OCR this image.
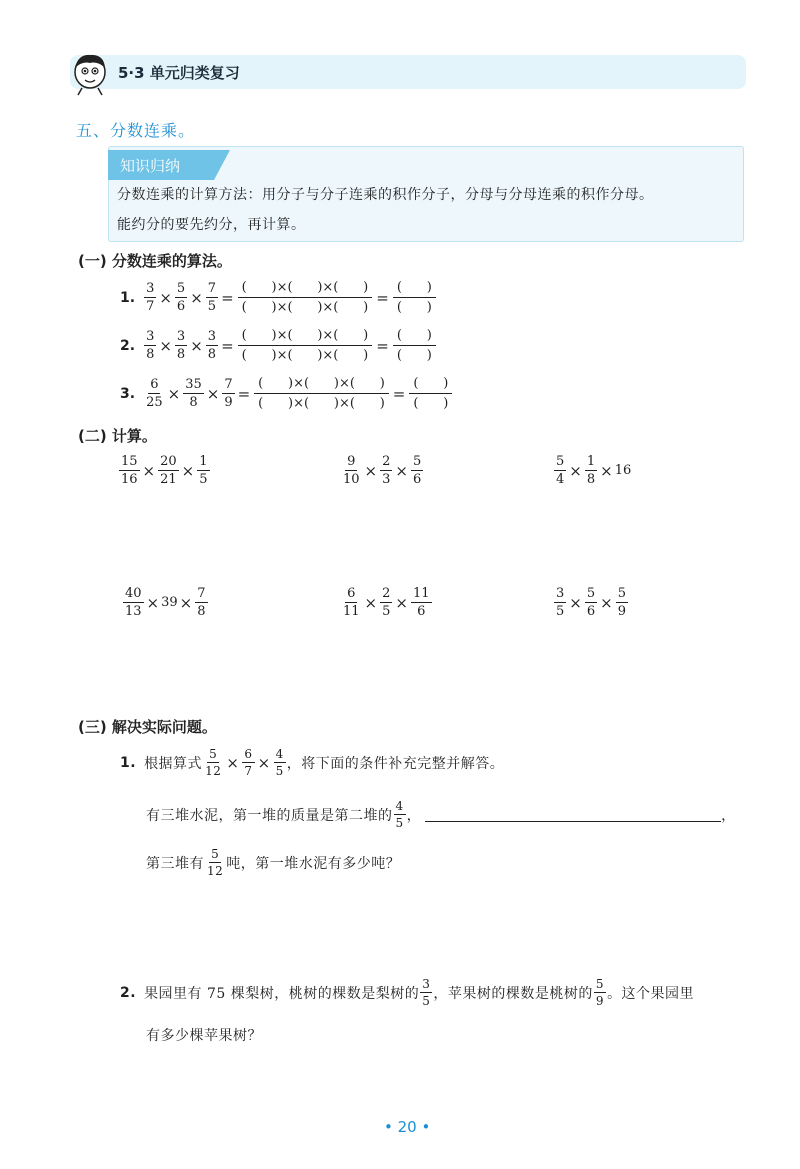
5·3 单元归类复习
五、分数连乘。
知识归纳
分数连乘的计算方法：用分子与分子连乘的积作分子，分母与分母连乘的积作分母。
能约分的要先约分，再计算。
(一) 分数连乘的算法。
1. $\frac{3}{7} \times \frac{5}{6} \times \frac{7}{5} = \frac{( )\times( )\times( )}{( )\times( )\times( )} = \frac{( )}{( )}$
2. $\frac{3}{8} \times \frac{3}{8} \times \frac{3}{8} = \frac{( )\times( )\times( )}{( )\times( )\times( )} = \frac{( )}{( )}$
3. $\frac{6}{25} \times \frac{35}{8} \times \frac{7}{9} = \frac{( )\times( )\times( )}{( )\times( )\times( )} = \frac{( )}{( )}$
(二) 计算。
$\frac{15}{16} \times \frac{20}{21} \times \frac{1}{5}$	$\frac{9}{10} \times \frac{2}{3} \times \frac{5}{6}$	$\frac{5}{4} \times \frac{1}{8} \times 16$
$\frac{40}{13} \times 39 \times \frac{7}{8}$	$\frac{6}{11} \times \frac{2}{5} \times \frac{11}{6}$	$\frac{3}{5} \times \frac{5}{6} \times \frac{5}{9}$
(三) 解决实际问题。
1. 根据算式 $\frac{5}{12} \times \frac{6}{7} \times \frac{4}{5}$ ，将下面的条件补充完整并解答。
有三堆水泥，第一堆的质量是第二堆的 $\frac{4}{5}$ ，	，
第三堆有 $\frac{5}{12}$ 吨，第一堆水泥有多少吨？
2. 果园里有 75 棵梨树，桃树的棵数是梨树的 $\frac{3}{5}$ ，苹果树的棵数是桃树的 $\frac{5}{9}$ 。这个果园里
有多少棵苹果树？
• 20 •
